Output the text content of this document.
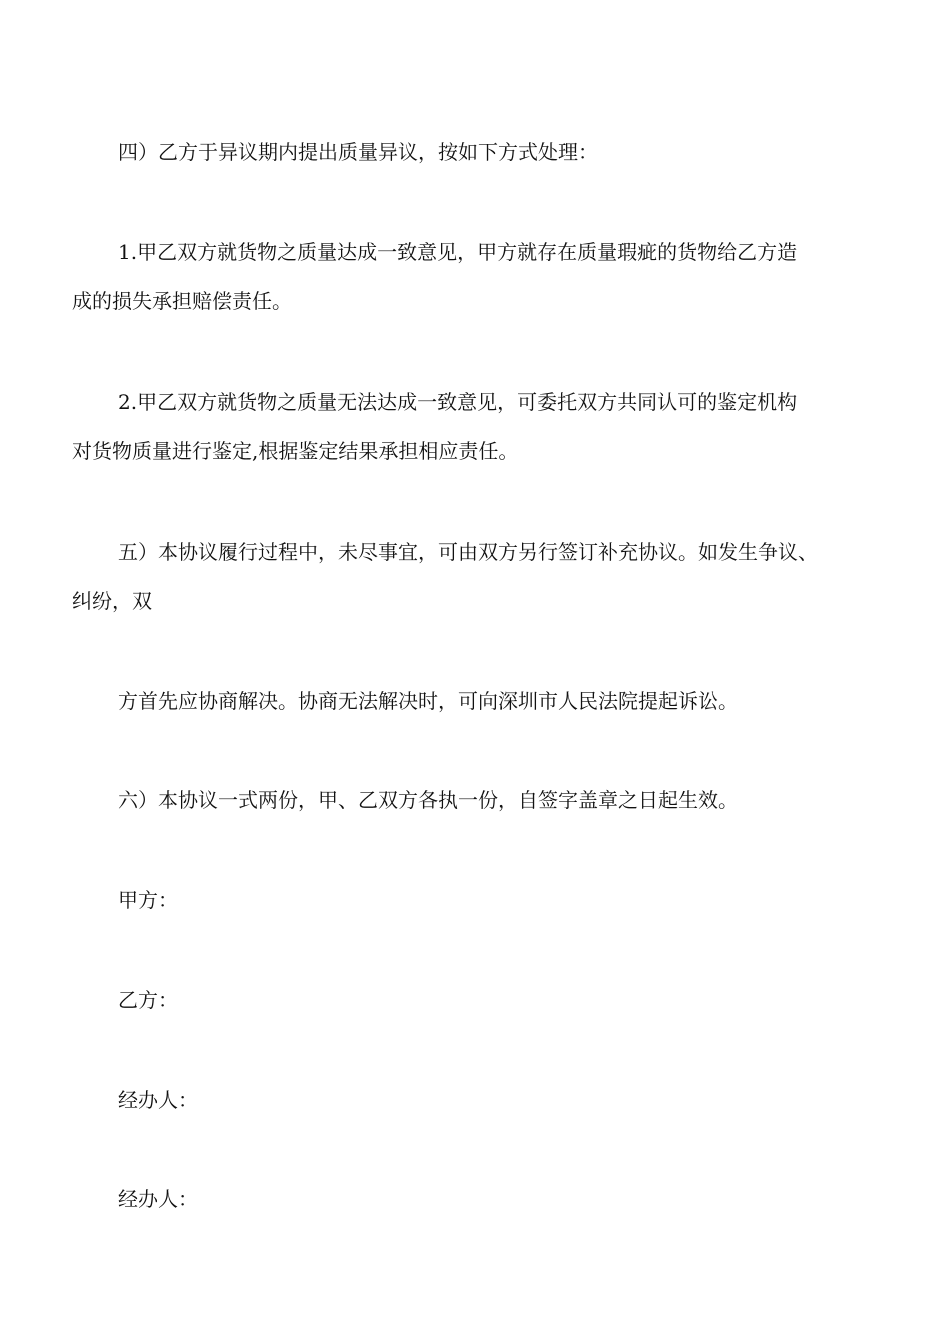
四）乙方于异议期内提出质量异议，按如下方式处理：
1.甲乙双方就货物之质量达成一致意见，甲方就存在质量瑕疵的货物给乙方造
成的损失承担赔偿责任。
2.甲乙双方就货物之质量无法达成一致意见，可委托双方共同认可的鉴定机构
对货物质量进行鉴定,根据鉴定结果承担相应责任。
五）本协议履行过程中，未尽事宜，可由双方另行签订补充协议。如发生争议、
纠纷，双
方首先应协商解决。协商无法解决时，可向深圳市人民法院提起诉讼。
六）本协议一式两份，甲、乙双方各执一份，自签字盖章之日起生效。
甲方：
乙方：
经办人：
经办人：
